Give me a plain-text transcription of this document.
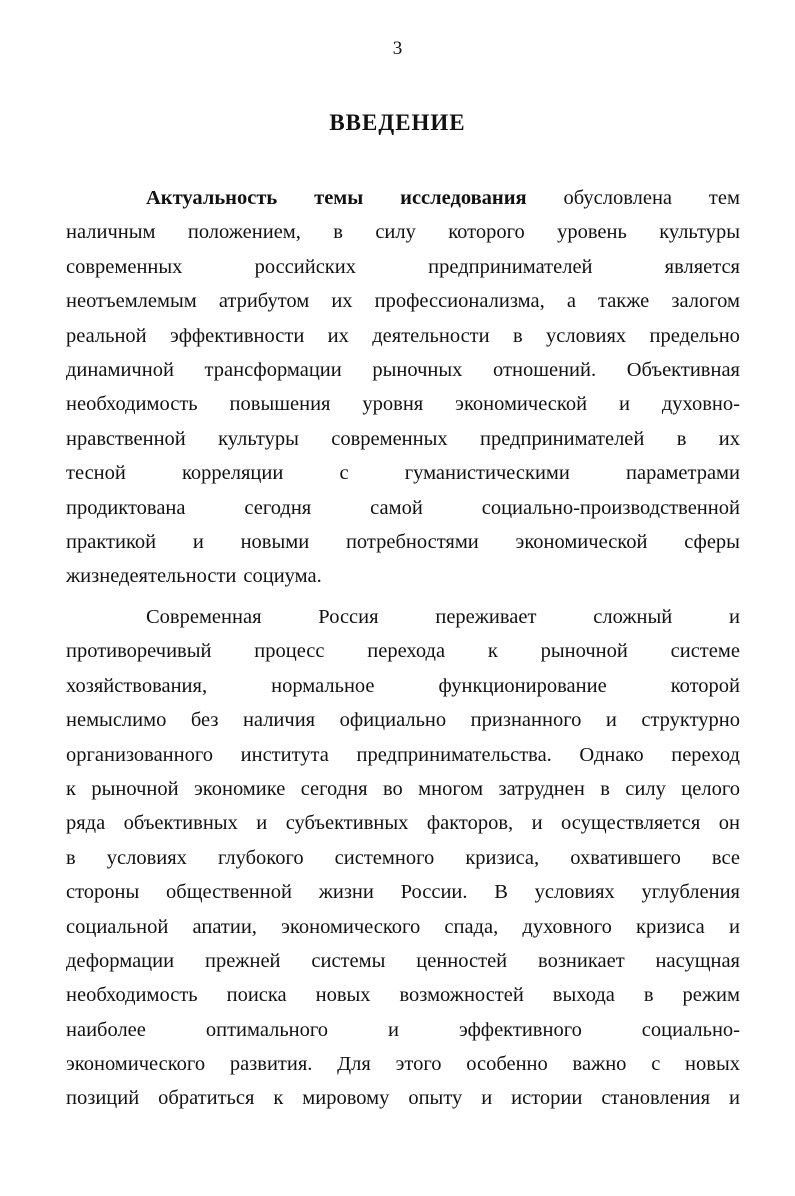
3
ВВЕДЕНИЕ
Актуальность темы исследования обусловлена тем
наличным положением, в силу которого уровень культуры
современных	российских	предпринимателей	является
неотъемлемым атрибутом их профессионализма, а также залогом
реальной эффективности их деятельности в условиях предельно
динамичной трансформации рыночных отношений. Объективная
необходимость повышения уровня экономической и духовно-
нравственной культуры современных предпринимателей в их
тесной	корреляции	с	гуманистическими	параметрами
продиктована	сегодня	самой	социально-производственной
практикой и новыми потребностями экономической сферы
жизнедеятельности социума.
Современная	Россия	переживает	сложный	и
противоречивый процесс перехода к рыночной системе
хозяйствования,	нормальное	функционирование	которой
немыслимо без наличия официально признанного и структурно
организованного института предпринимательства. Однако переход
к рыночной экономике сегодня во многом затруднен в силу целого
ряда объективных и субъективных факторов, и осуществляется он
в условиях глубокого системного кризиса, охватившего все
стороны общественной жизни России. В условиях углубления
социальной апатии, экономического спада, духовного кризиса и
деформации прежней системы ценностей возникает насущная
необходимость поиска новых возможностей выхода в режим
наиболее	оптимального	и	эффективного	социально-
экономического развития. Для этого особенно важно с новых
позиций обратиться к мировому опыту и истории становления и
